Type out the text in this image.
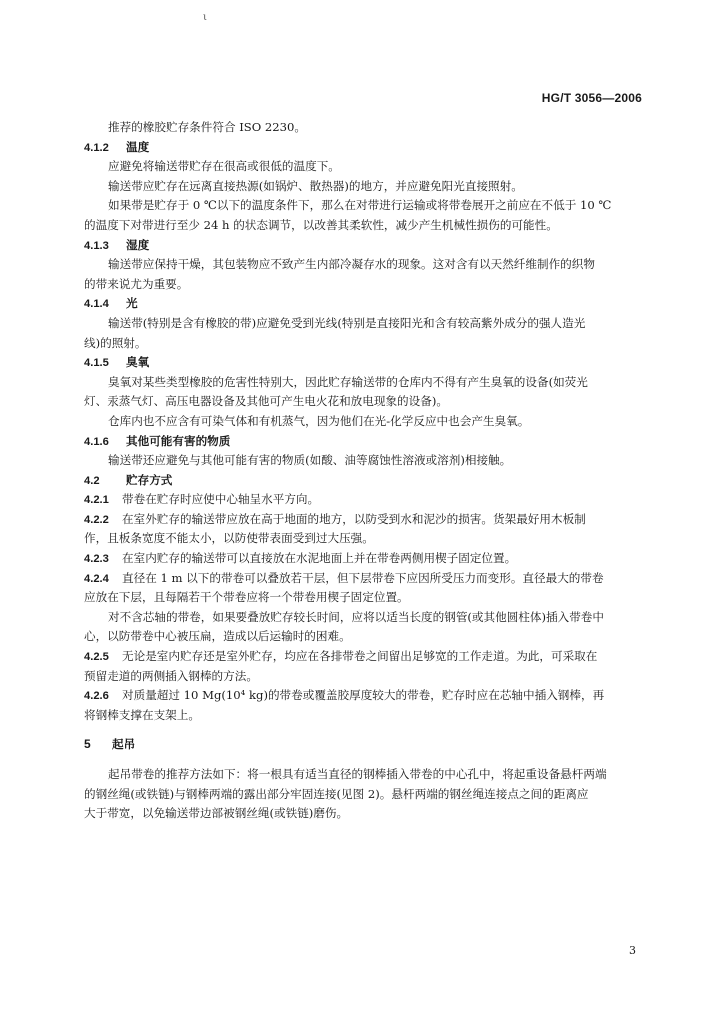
ι
HG/T 3056—2006
推荐的橡胶贮存条件符合 ISO 2230。
4.1.2 温度
应避免将输送带贮存在很高或很低的温度下。
输送带应贮存在远离直接热源(如锅炉、散热器)的地方，并应避免阳光直接照射。
如果带是贮存于 0 ℃以下的温度条件下，那么在对带进行运输或将带卷展开之前应在不低于 10 ℃
的温度下对带进行至少 24 h 的状态调节，以改善其柔软性，减少产生机械性损伤的可能性。
4.1.3 湿度
输送带应保持干燥，其包装物应不致产生内部冷凝存水的现象。这对含有以天然纤维制作的织物
的带来说尤为重要。
4.1.4 光
输送带(特别是含有橡胶的带)应避免受到光线(特别是直接阳光和含有较高紫外成分的强人造光
线)的照射。
4.1.5 臭氧
臭氧对某些类型橡胶的危害性特别大，因此贮存输送带的仓库内不得有产生臭氧的设备(如荧光
灯、汞蒸气灯、高压电器设备及其他可产生电火花和放电现象的设备)。
仓库内也不应含有可染气体和有机蒸气，因为他们在光-化学反应中也会产生臭氧。
4.1.6 其他可能有害的物质
输送带还应避免与其他可能有害的物质(如酸、油等腐蚀性溶液或溶剂)相接触。
4.2 贮存方式
4.2.1 带卷在贮存时应使中心轴呈水平方向。
4.2.2 在室外贮存的输送带应放在高于地面的地方，以防受到水和泥沙的损害。货架最好用木板制
作，且板条宽度不能太小，以防使带表面受到过大压强。
4.2.3 在室内贮存的输送带可以直接放在水泥地面上并在带卷两侧用楔子固定位置。
4.2.4 直径在 1 m 以下的带卷可以叠放若干层，但下层带卷下应因所受压力而变形。直径最大的带卷
应放在下层，且每隔若干个带卷应将一个带卷用楔子固定位置。
对不含芯轴的带卷，如果要叠放贮存较长时间，应将以适当长度的钢管(或其他圆柱体)插入带卷中
心，以防带卷中心被压扁，造成以后运输时的困难。
4.2.5 无论是室内贮存还是室外贮存，均应在各排带卷之间留出足够宽的工作走道。为此，可采取在
预留走道的两侧插入钢棒的方法。
4.2.6 对质量超过 10 Mg(10⁴ kg)的带卷或覆盖胶厚度较大的带卷，贮存时应在芯轴中插入钢棒，再
将钢棒支撑在支架上。
5 起吊
起吊带卷的推荐方法如下：将一根具有适当直径的钢棒插入带卷的中心孔中，将起重设备悬杆两端
的钢丝绳(或铁链)与钢棒两端的露出部分牢固连接(见图 2)。悬杆两端的钢丝绳连接点之间的距离应
大于带宽，以免输送带边部被钢丝绳(或铁链)磨伤。
3
